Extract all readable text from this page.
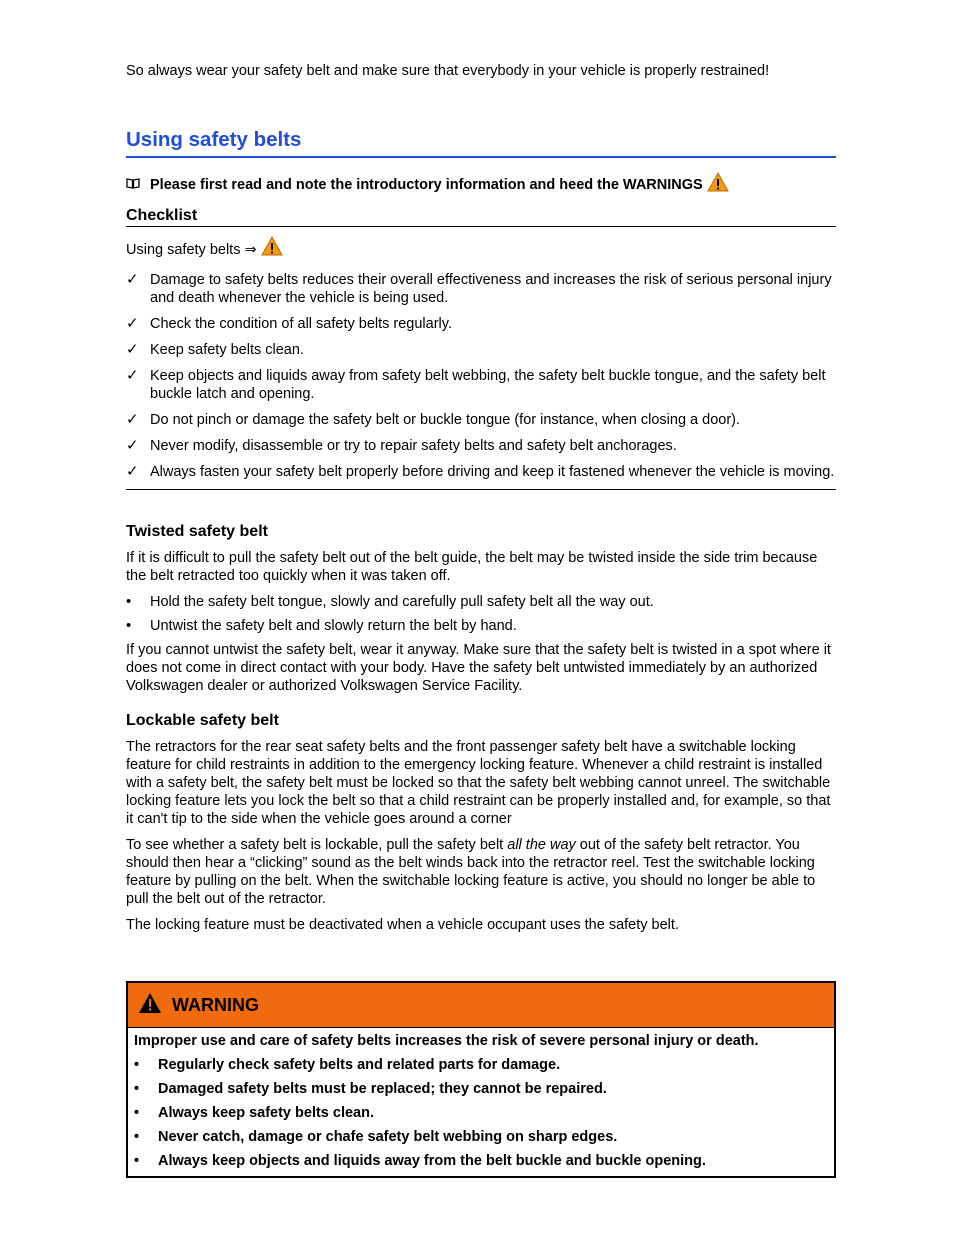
So always wear your safety belt and make sure that everybody in your vehicle is properly restrained!
Using safety belts
Please first read and note the introductory information and heed the WARNINGS
Checklist
Using safety belts ⇒
✓ Damage to safety belts reduces their overall effectiveness and increases the risk of serious personal injury and death whenever the vehicle is being used.
✓ Check the condition of all safety belts regularly.
✓ Keep safety belts clean.
✓ Keep objects and liquids away from safety belt webbing, the safety belt buckle tongue, and the safety belt buckle latch and opening.
✓ Do not pinch or damage the safety belt or buckle tongue (for instance, when closing a door).
✓ Never modify, disassemble or try to repair safety belts and safety belt anchorages.
✓ Always fasten your safety belt properly before driving and keep it fastened whenever the vehicle is moving.
Twisted safety belt

If it is difficult to pull the safety belt out of the belt guide, the belt may be twisted inside the side trim because the belt retracted too quickly when it was taken off.

•	Hold the safety belt tongue, slowly and carefully pull safety belt all the way out.
•	Untwist the safety belt and slowly return the belt by hand.

If you cannot untwist the safety belt, wear it anyway. Make sure that the safety belt is twisted in a spot where it does not come in direct contact with your body. Have the safety belt untwisted immediately by an authorized Volkswagen dealer or authorized Volkswagen Service Facility.

Lockable safety belt

The retractors for the rear seat safety belts and the front passenger safety belt have a switchable locking feature for child restraints in addition to the emergency locking feature. Whenever a child restraint is installed with a safety belt, the safety belt must be locked so that the safety belt webbing cannot unreel. The switchable locking feature lets you lock the belt so that a child restraint can be properly installed and, for example, so that it can't tip to the side when the vehicle goes around a corner

To see whether a safety belt is lockable, pull the safety belt all the way out of the safety belt retractor. You should then hear a “clicking” sound as the belt winds back into the retractor reel. Test the switchable locking feature by pulling on the belt. When the switchable locking feature is active, you should no longer be able to pull the belt out of the retractor.

The locking feature must be deactivated when a vehicle occupant uses the safety belt.

WARNING

Improper use and care of safety belts increases the risk of severe personal injury or death.

•	Regularly check safety belts and related parts for damage.
•	Damaged safety belts must be replaced; they cannot be repaired.
•	Always keep safety belts clean.
•	Never catch, damage or chafe safety belt webbing on sharp edges.
•	Always keep objects and liquids away from the belt buckle and buckle opening.
